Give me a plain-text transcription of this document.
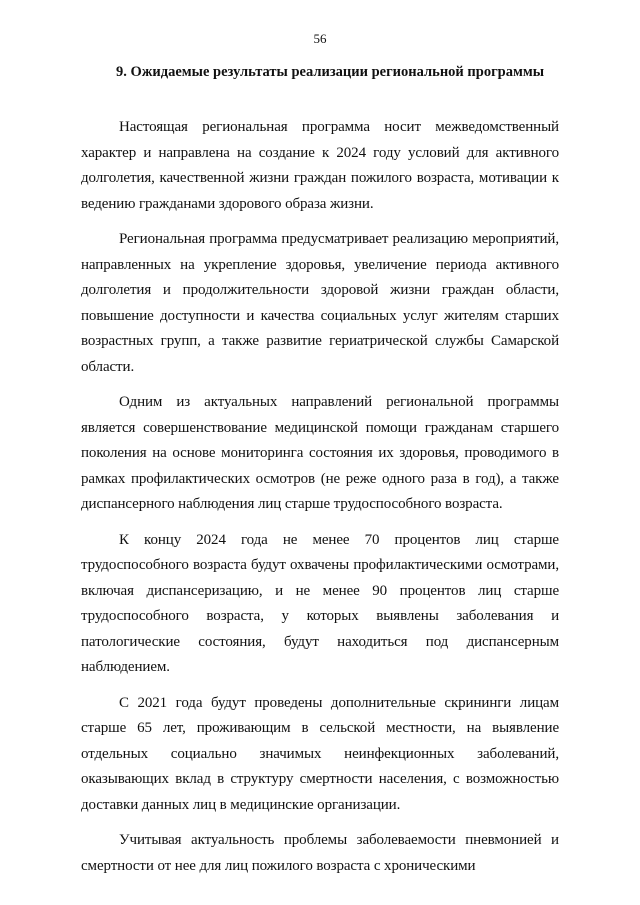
56
9. Ожидаемые результаты реализации региональной программы

Настоящая региональная программа носит межведомственный характер и направлена на создание к 2024 году условий для активного долголетия, качественной жизни граждан пожилого возраста, мотивации к ведению гражданами здорового образа жизни.

Региональная программа предусматривает реализацию мероприятий, направленных на укрепление здоровья, увеличение периода активного долголетия и продолжительности здоровой жизни граждан области, повышение доступности и качества социальных услуг жителям старших возрастных групп, а также развитие гериатрической службы Самарской области.

Одним из актуальных направлений региональной программы является совершенствование медицинской помощи гражданам старшего поколения на основе мониторинга состояния их здоровья, проводимого в рамках профилактических осмотров (не реже одного раза в год), а также диспансерного наблюдения лиц старше трудоспособного возраста.

К концу 2024 года не менее 70 процентов лиц старше трудоспособного возраста будут охвачены профилактическими осмотрами, включая диспансеризацию, и не менее 90 процентов лиц старше трудоспособного возраста, у которых выявлены заболевания и патологические состояния, будут находиться под диспансерным наблюдением.

С 2021 года будут проведены дополнительные скрининги лицам старше 65 лет, проживающим в сельской местности, на выявление отдельных социально значимых неинфекционных заболеваний, оказывающих вклад в структуру смертности населения, с возможностью доставки данных лиц в медицинские организации.

Учитывая актуальность проблемы заболеваемости пневмонией и смертности от нее для лиц пожилого возраста с хроническими
